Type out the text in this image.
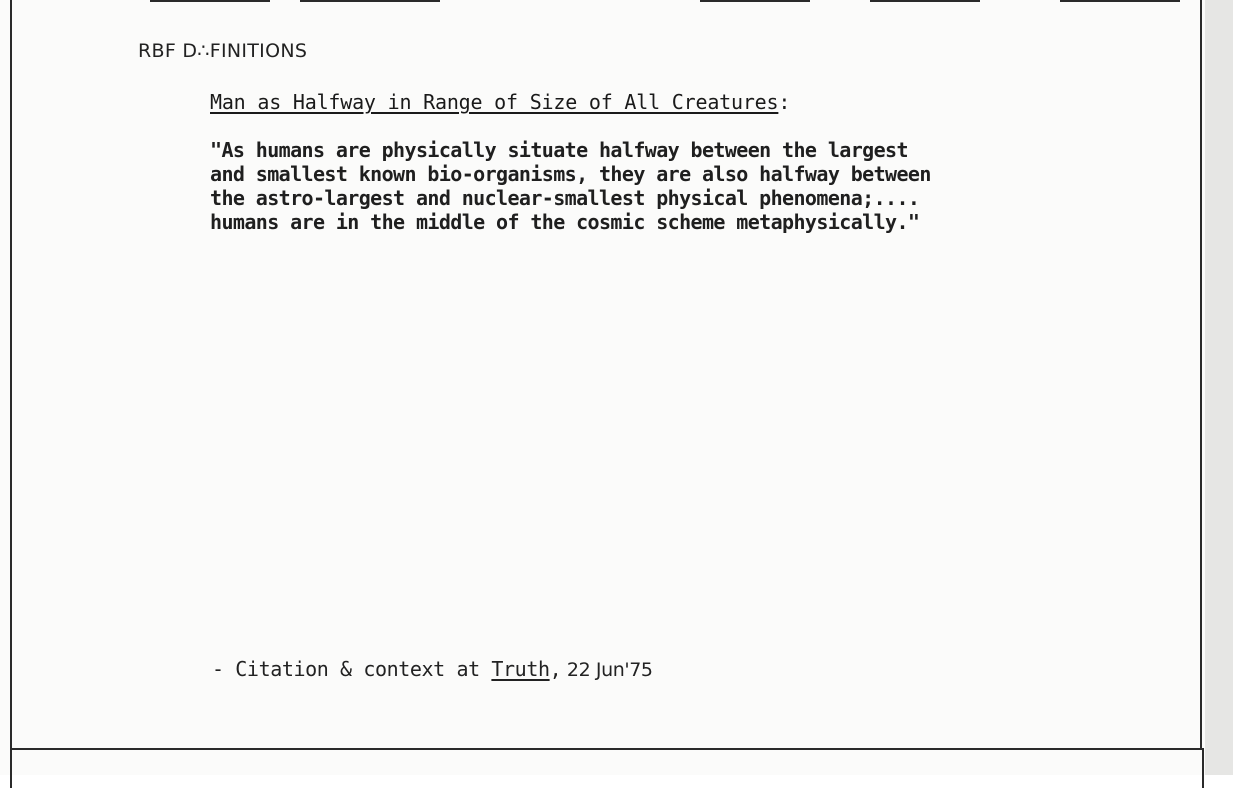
RBF D∴FINITIONS
Man as Halfway in Range of Size of All Creatures:
"As humans are physically situate halfway between the largest
and smallest known bio-organisms, they are also halfway between
the astro-largest and nuclear-smallest physical phenomena;....
humans are in the middle of the cosmic scheme metaphysically."
- Citation & context at Truth, 22 Jun'75
